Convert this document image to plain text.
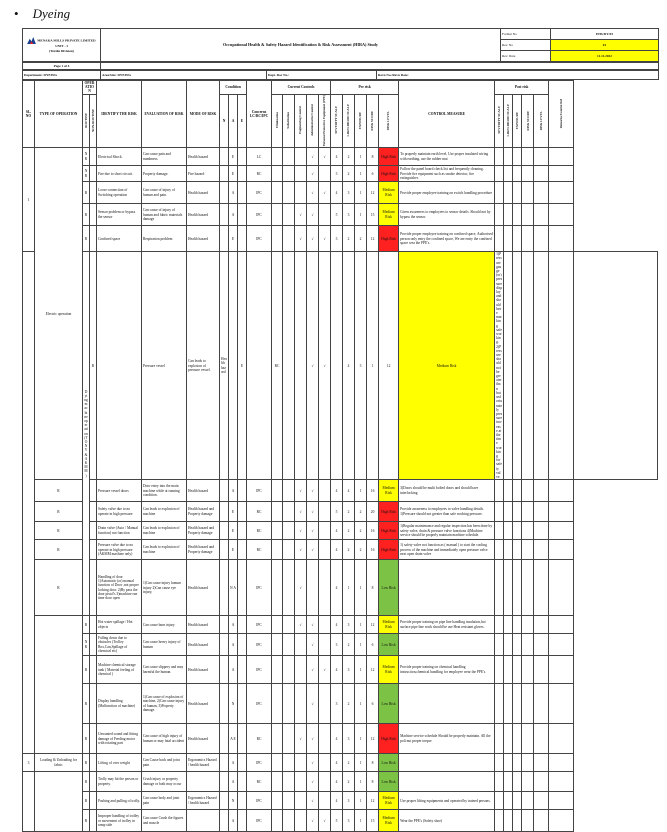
• Dyeing
MENAKA MILLS PRIVATE LIMITED UNIT - I
(Textile Division)	Occupational Health & Safety Hazard Identification & Risk Assessment (HIRA) Study	Format No	EHS/DY/03
		Rev. No	01
		Rev. Date	11.11.2022
Page 1 of 4	
Department: DYEING	Area/Site: DYEING	Dept. Doc No.:	Revn No./Revn Date:
SL. NO	TYPE OF OPERATION	OPERATION		IDENTIFY THE RISK	EVALUATION OF RISK	MODE OF RISK	Condition			Concerns LC/RC/IPC	Current Controls					Pre risk					CONTROL MEASURE	Post risk					Remarks/Control Ref	
		ROUTINE	NON-ROUTINE				N	A	E		Elimination	Substitution	Engineering Control	Administrative Control	Personal Protective Equipment (PPE)	SEVERITY SCALE	LIKELIHOOD SCALE	EXPOSURE	RISK SCORE	RISK LEVEL		SEVERITY SCALE	LIKELIHOOD SCALE	EXPOSURE	RISK SCORE	RISK LEVEL		

1	Electric operation	N R		Electrical Shock.	Can cause pain and numbness.	Health hazard		E		LC				√	√	4	2	1	8	High Risk	To properly maintain earth level, Use proper insulated wiring with earthing, use the rubber mat							
		N R		Fire due to short circuit.	Property damage.	Fire hazard		E		RC				√		3	2	1	6	High Risk	Follow the panel board check list and frequently cleaning. Provide fire equipment such as smoke detector, fire extinguisher.							
		R		Loose connection of Switching operation	Can cause of injury of human and pain.	Health hazard		A		IPC				√	√	4	3	1	12	Medium Risk	Provide proper employee training on switch handling procedure							
		R		Sensor problem or bypass the sensor	Can cause of injury of human and fabric materials damage	Health hazard		A		IPC			√	√		5	3	1	15	Medium Risk	Given awareness to employees to sensor details. Should not by bypass the sensor.							
		R		Confined space	Respiration problem	Health hazard		E		IPC			√	√	√	3	2	2	12	High Risk	Provide proper employee training on confined space, Authorised person only entry the confined space, We are entry the confined space wea the PPE's.							
		Dying machine operation (TONY & AKMM)	R		Pressure vessel	Can leads to explosion of pressure vessel.	Health hazard		E		RC			√	√		4	3	1	12	Medium Risk	1)Pressure gauge (or) pressure display and should have marking safe working. 2)Pressure should not be greater than but unfortunately pressure increase at the time working for safety valve.						
	R			Pressure vessel doors	Door entry into the main machine while at running condition.	Health hazard		A		IPC			√	√		4	4	1	16	Medium Risk	3)Doors should be multi bolted doors and should have interlocking							
	R			Safety valve due to no operate in high pressure	Can leads to explosion of machine	Health hazard and Property damage		E		RC			√	√		5	2	2	20	High Risk	Provide awareness to employees to valve handling details. 1)Pressure should not greater than safe working pressure.							
	R			Drain valve (Auto / Manual function) not function	Can leads to explosion of machine	Health hazard and Property damage		E		RC			√	√		4	2	2	16	High Risk	1)Regular maintenance and regular inspection has been done by safety valve, drain & pressure valve functions 4)Machine service should be properly maintain machine schedule.							
	R			Pressure valve due to no operate in high pressure (AKMM machine only)	Can leads to explosion of machine	Health hazard and Property damage		E		RC			√	√		4	2	2	16	High Risk	1) safety valve not function as ( manual ) to start the cooling process of the machine and immediately open pressure valve next open drain valve							
	R			Handling of door 1)Automatic (or) manual function of Door ,not proper locking door. 2)By pass the door pistol's 3)machine run time door open	1)Can cause injury human injury 2)Can cause eye injury,	Health hazard		N A		IPC			√			4	1	1	8	Low Risk								
		R		Hot water spillage / Hot objects	Can cause burn injury	Health hazard		A		IPC			√	√		4	3	1	12	Medium Risk	Provide proper training on pipe line handling insulation,hot surface pipe line work should be use Heat resistant gloves.							
		N R		Falling down due to obstacles (Trolley Box,Can,Spillage of chemical etc)	Can cause heavy injury of human	Health hazard		A		IPC				√		3	2	1	6	Low Risk								
		R		Machine chemical storage tank ( Material feeling of chemical )	Can cause slippery and may harmful the human.	Health hazard		A		IPC				√	√	4	3	1	12	Medium Risk	Provide proper training on chemical handling instruction,chemical handling for employee wear the PPE's.							
		R		Display handling (Malfunction of machine)	1)Can cause of explosion of machine, 2)Can cause injury of human, 3)Property damage.	Health hazard		N		IPC				√		3	2	1	6	Low Risk								
		R		Unwanted sound and fitting damage of Feeding motor with rotating part	Can cause of high injury of human or may fatal accident	Health hazard		A E		RC			√	√		4	3	1	12	High Risk	Machine service schedule Should be properly maintain. All the poli nut proper torque							
3	Loading & Unloading for fabric	R		Lifting of over weight	Can Cause back and joint pain	Ergonomics Hazard \ health hazard		A		IPC				√		4	2	1	8	Low Risk								
		R		Trolly may hit the person or property.	Crush injury or property damage or both may occur			A		RC				√		4	2	1	8	Low Risk								
		R		Pushing and pulling of trolly.	Can cause body and joint pain	Ergonomics Hazard \ health hazard		N		IPC				√		4	3	1	12	Medium Risk	Use proper lifting equipments and operated by trained persons.							
		R		Improper handling of trolley or movement of trolley in ramp side	Can cause Crush the figures and muscle			A		IPC				√	√	5	3	1	15	Medium Risk	Wear the PPE's (Safety shoe)							
